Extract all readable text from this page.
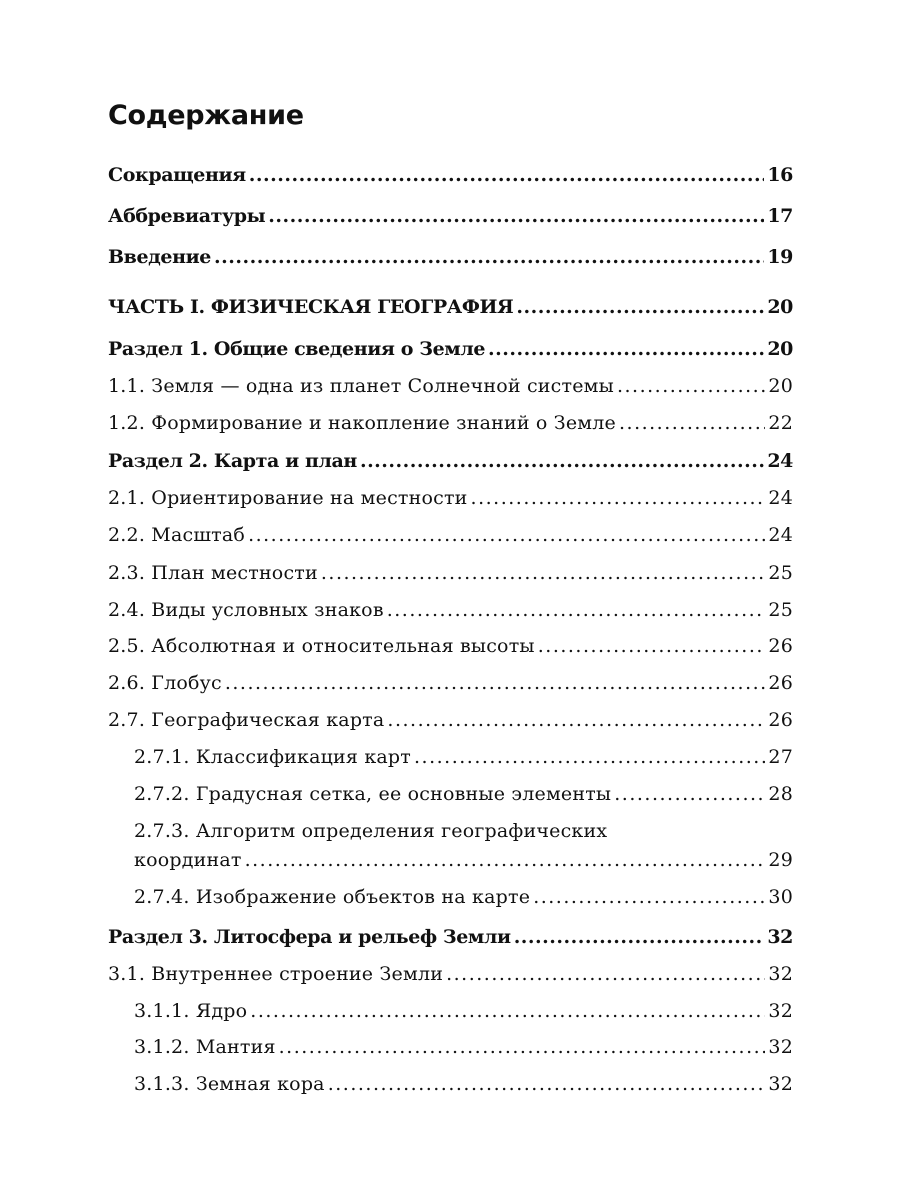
Содержание
Сокращения .....	16
Аббревиатуры .....	17
Введение .....	19
ЧАСТЬ I. ФИЗИЧЕСКАЯ ГЕОГРАФИЯ .....	20
Раздел 1. Общие сведения о Земле .....	20
1.1. Земля — одна из планет Солнечной системы .....	20
1.2. Формирование и накопление знаний о Земле .....	22
Раздел 2. Карта и план .....	24
2.1. Ориентирование на местности .....	24
2.2. Масштаб .....	24
2.3. План местности .....	25
2.4. Виды условных знаков .....	25
2.5. Абсолютная и относительная высоты .....	26
2.6. Глобус .....	26
2.7. Географическая карта .....	26
2.7.1. Классификация карт .....	27
2.7.2. Градусная сетка, ее основные элементы .....	28
2.7.3. Алгоритм определения географических
координат .....	29
2.7.4. Изображение объектов на карте .....	30
Раздел 3. Литосфера и рельеф Земли .....	32
3.1. Внутреннее строение Земли .....	32
3.1.1. Ядро .....	32
3.1.2. Мантия .....	32
3.1.3. Земная кора .....	32
